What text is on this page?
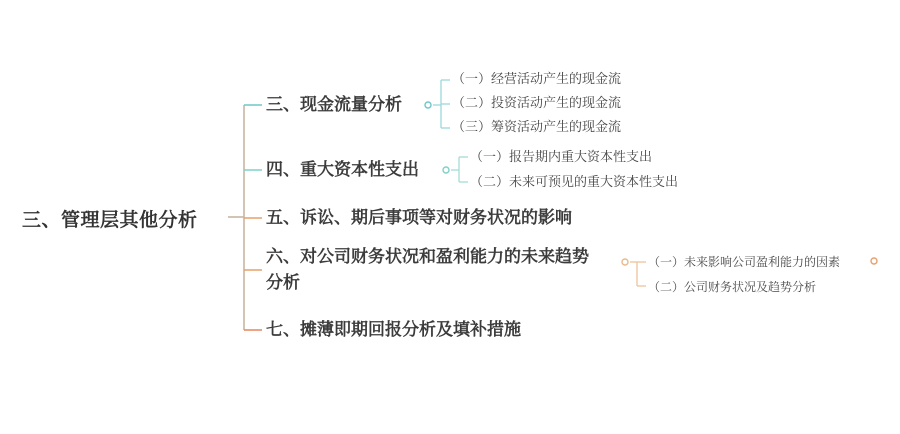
三、管理层其他分析
三、现金流量分析
（一）经营活动产生的现金流
（二）投资活动产生的现金流
（三）筹资活动产生的现金流
四、重大资本性支出
（一）报告期内重大资本性支出
（二）未来可预见的重大资本性支出
五、诉讼、期后事项等对财务状况的影响
六、对公司财务状况和盈利能力的未来趋势分析
（一）未来影响公司盈利能力的因素
（二）公司财务状况及趋势分析
七、摊薄即期回报分析及填补措施
